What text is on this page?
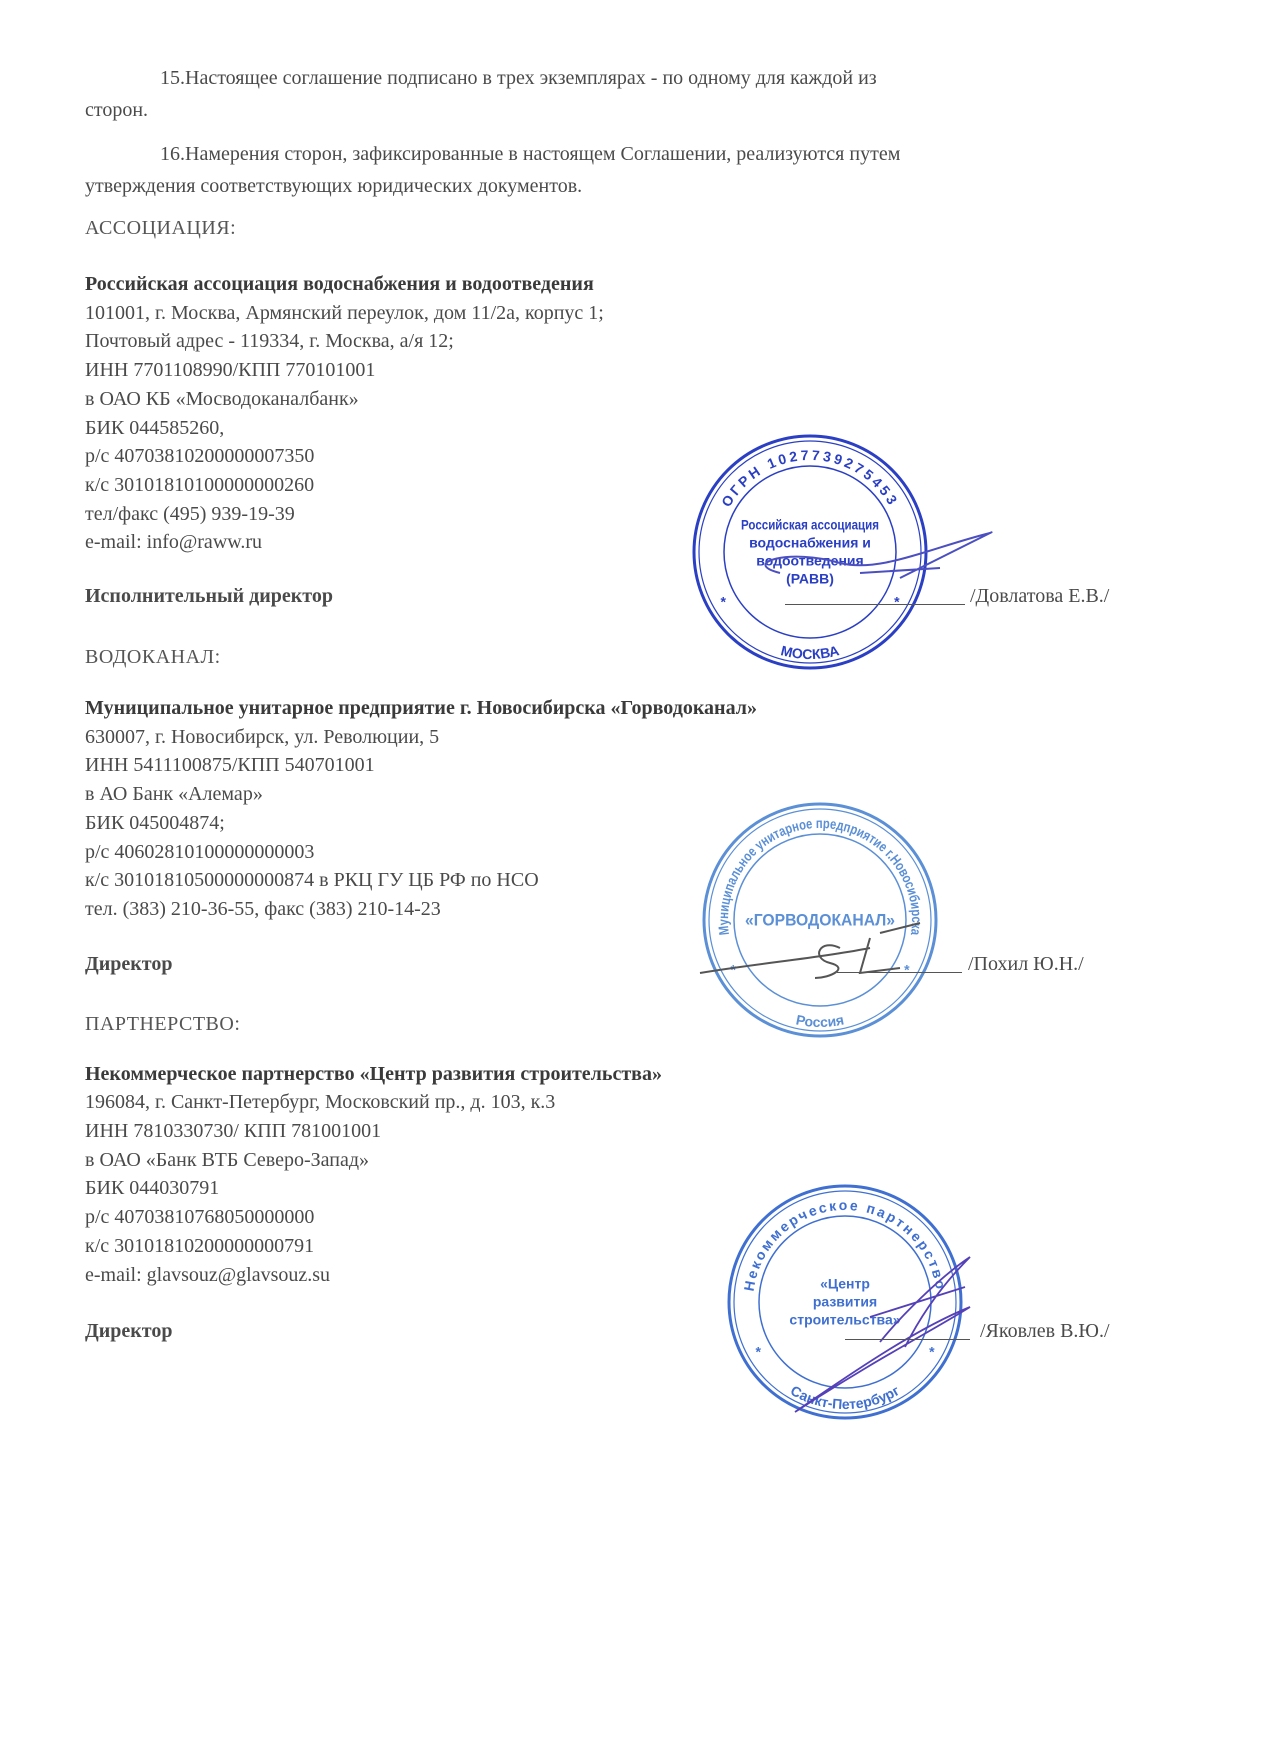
15.Настоящее соглашение подписано в трех экземплярах - по одному для каждой из
сторон.
16.Намерения сторон, зафиксированные в настоящем Соглашении, реализуются путем
утверждения соответствующих юридических документов.
АССОЦИАЦИЯ:
Российская ассоциация водоснабжения и водоотведения
101001, г. Москва, Армянский переулок, дом 11/2а, корпус 1;
Почтовый адрес - 119334, г. Москва, а/я 12;
ИНН 7701108990/КПП 770101001
в ОАО КБ «Мосводоканалбанк»
БИК 044585260,
р/с 40703810200000007350
к/с 30101810100000000260
тел/факс (495) 939-19-39
e-mail: info@raww.ru
ОГРН 1027739275453
МОСКВА
*	*
Российская ассоциация
водоснабжения и
водоотведения
(РАВВ)
Исполнительный директор	/Довлатова Е.В./
ВОДОКАНАЛ:
Муниципальное унитарное предприятие г. Новосибирска «Горводоканал»
630007, г. Новосибирск, ул. Революции, 5
ИНН 5411100875/КПП 540701001
в АО Банк «Алемар»
БИК 045004874;
р/с 40602810100000000003
к/с 30101810500000000874 в РКЦ ГУ ЦБ РФ по НСО
тел. (383) 210-36-55, факс (383) 210-14-23
Муниципальное унитарное предприятие г.Новосибирска
Россия
*	*
«ГОРВОДОКАНАЛ»
Директор	/Похил Ю.Н./
ПАРТНЕРСТВО:
Некоммерческое партнерство «Центр развития строительства»
196084, г. Санкт-Петербург, Московский пр., д. 103, к.3
ИНН 7810330730/ КПП 781001001
в ОАО «Банк ВТБ Северо-Запад»
БИК 044030791
р/с 40703810768050000000
к/с 30101810200000000791
e-mail: glavsouz@glavsouz.su	Некоммерческое партнерство
Санкт-Петербург
*	*
«Центр
развития
строительства»
Директор	/Яковлев В.Ю./
